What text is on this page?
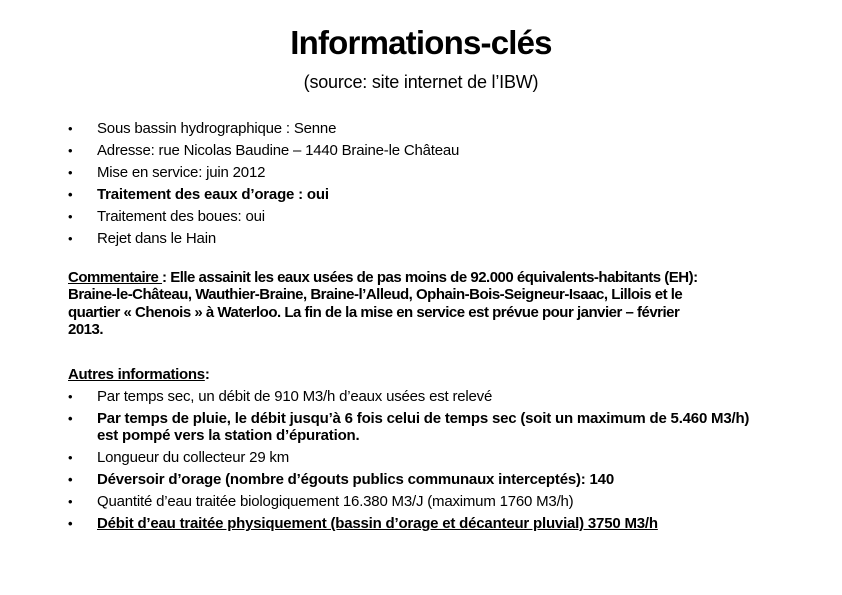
Informations-clés
(source: site internet de l’IBW)
•	Sous bassin hydrographique : Senne
•	Adresse: rue Nicolas Baudine – 1440 Braine-le Château
•	Mise en service: juin 2012
•	Traitement des eaux d’orage : oui
•	Traitement des boues: oui
•	Rejet dans le Hain

Commentaire : Elle assainit les eaux usées de pas moins de 92.000 équivalents-habitants (EH):
Braine-le-Château, Wauthier-Braine, Braine-l’Alleud, Ophain-Bois-Seigneur-Isaac, Lillois et le
quartier « Chenois » à Waterloo. La fin de la mise en service est prévue pour janvier – février
2013.

Autres informations:
•	Par temps sec, un débit de 910 M3/h d’eaux usées est relevé
•	Par temps de pluie, le débit jusqu’à 6 fois celui de temps sec (soit un maximum de 5.460 M3/h) est pompé vers la station d’épuration.
•	Longueur du collecteur 29 km
•	Déversoir d’orage (nombre d’égouts publics communaux interceptés): 140
•	Quantité d’eau traitée biologiquement 16.380 M3/J (maximum 1760 M3/h)
•	Débit d’eau traitée physiquement (bassin d’orage et décanteur pluvial) 3750 M3/h
